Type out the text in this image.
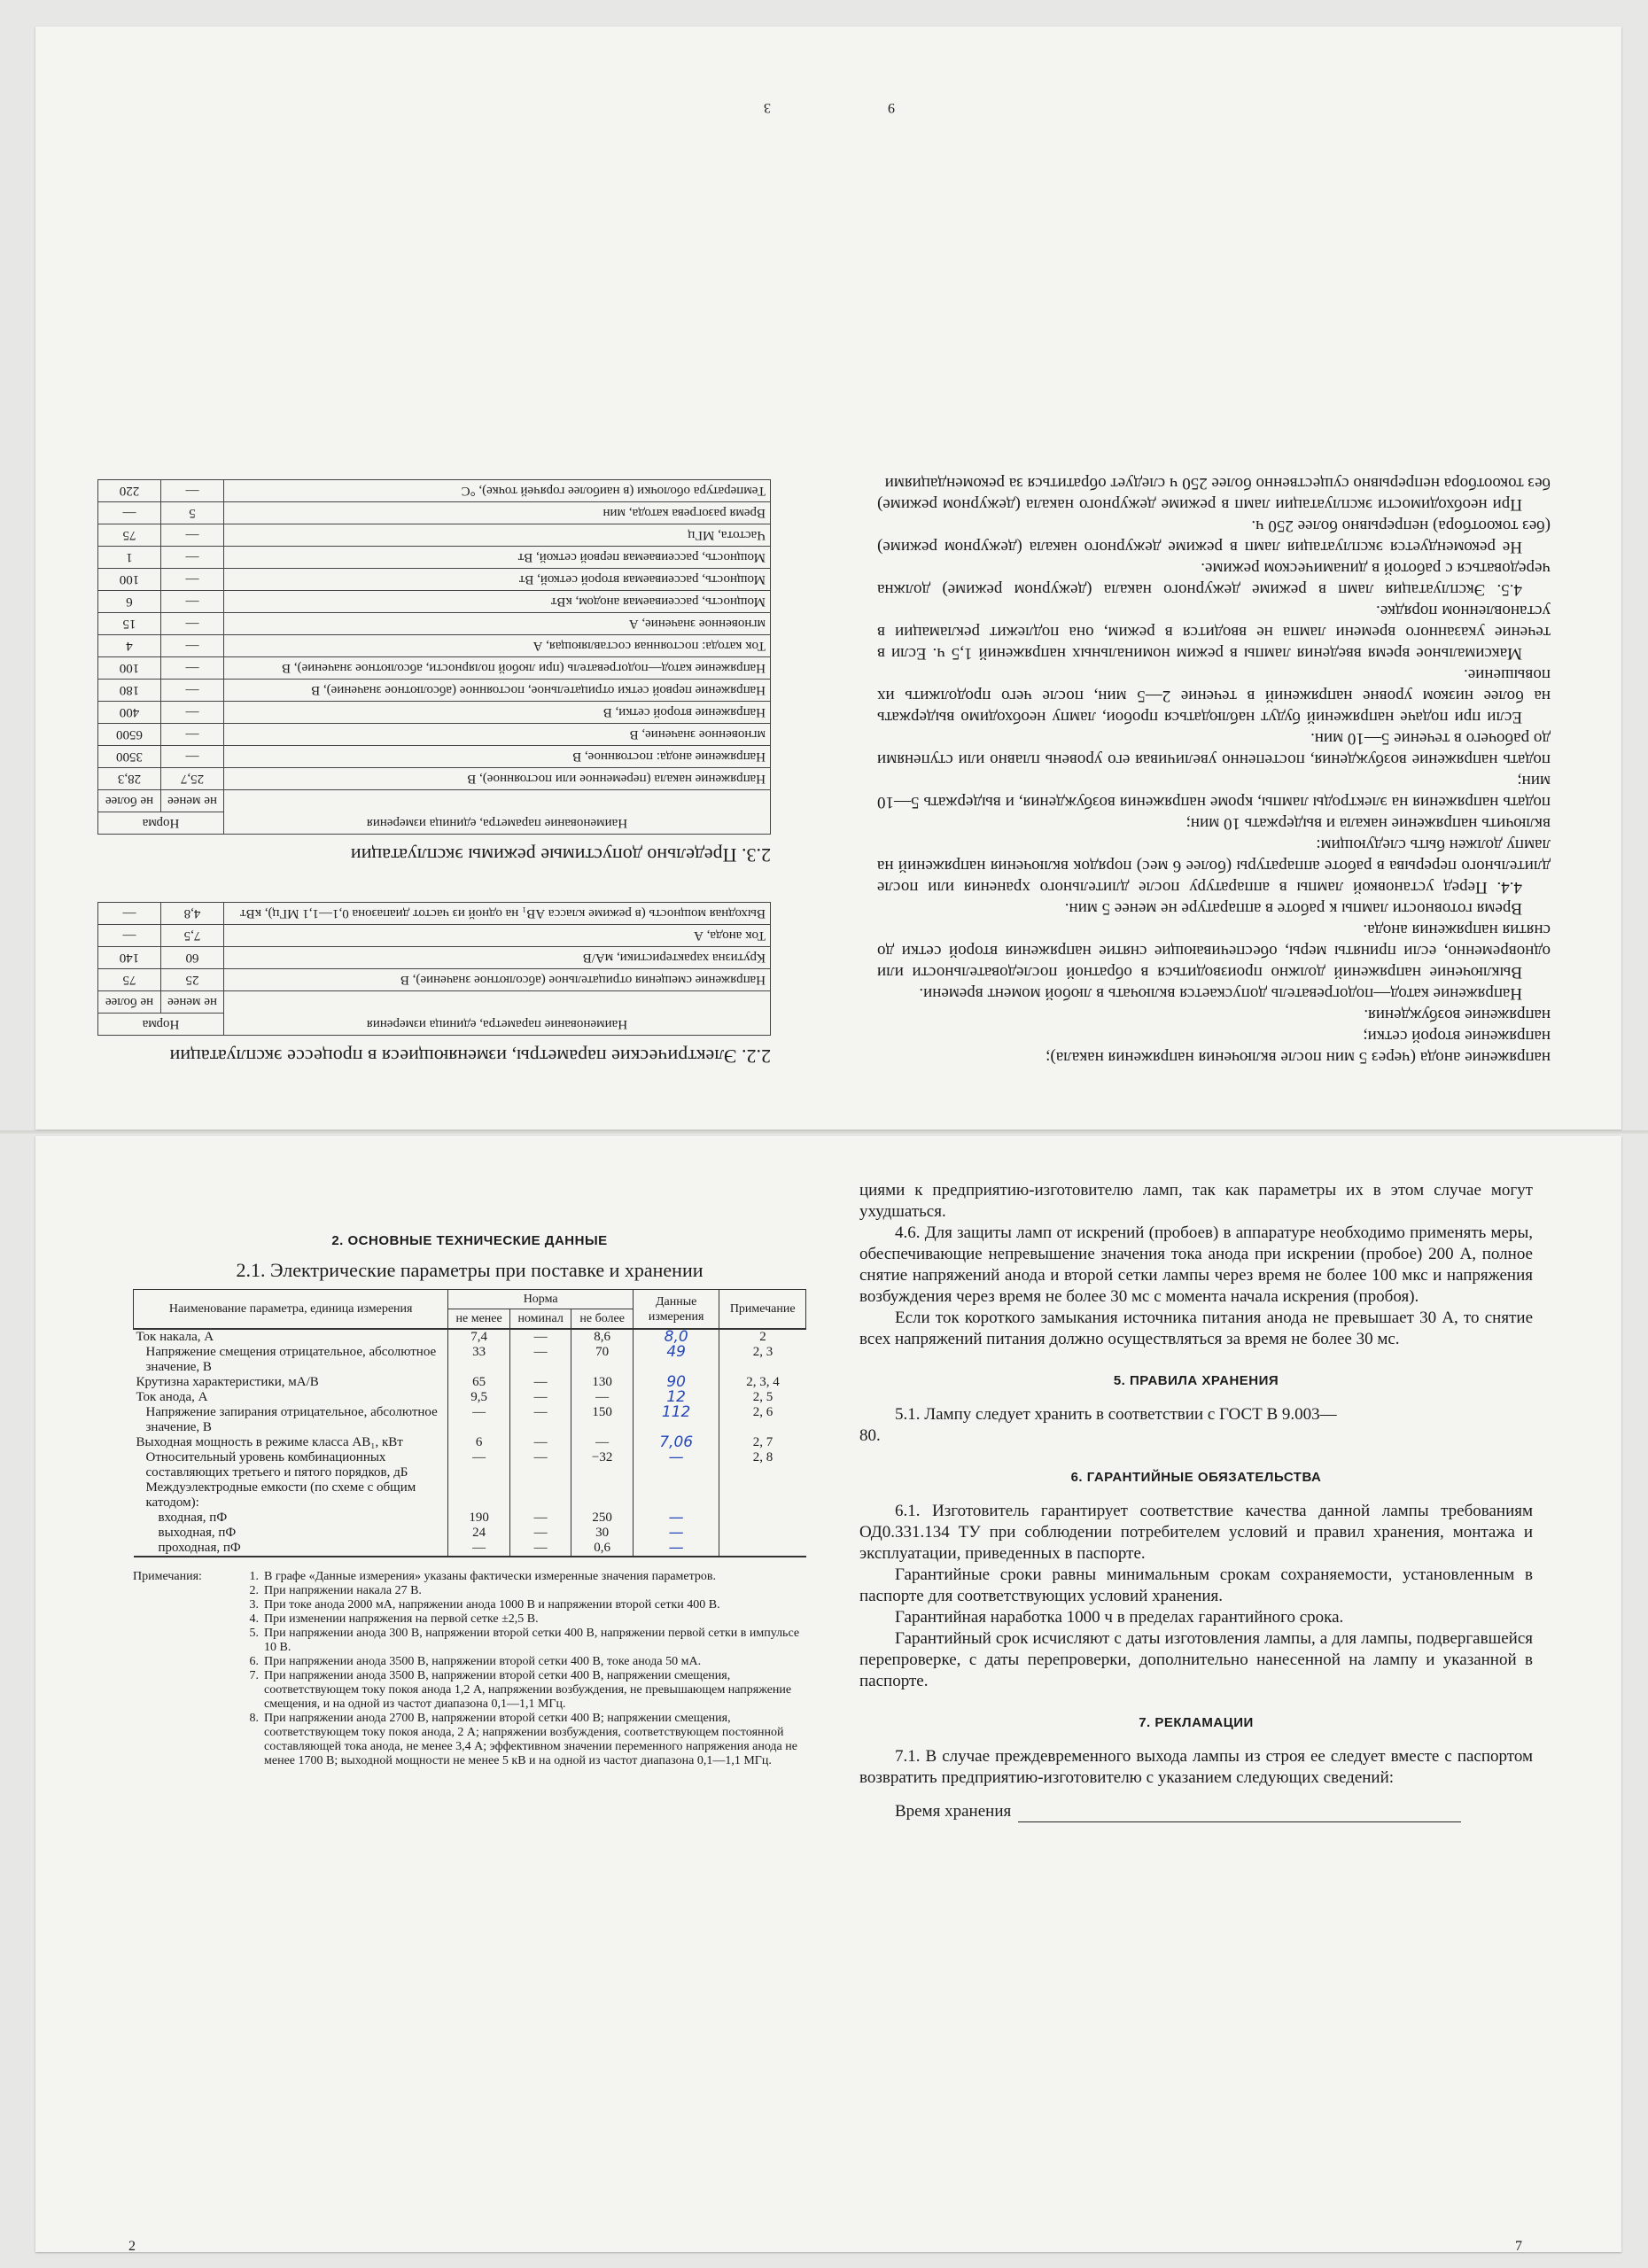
напряжение анода (через 5 мин после включения напряжения накала);

напряжение второй сетки;

напряжение возбуждения.

Напряжение катод—подогреватель допускается включать в любой момент времени.

Выключение напряжений должно производиться в обратной последовательности или одновременно, если приняты меры, обеспечивающие снятие напряжения второй сетки до снятия напряжения анода.

Время готовности лампы к работе в аппаратуре не менее 5 мин.

4.4. Перед установкой лампы в аппаратуру после длительного хранения или после длительного перерыва в работе аппаратуры (более 6 мес) порядок включения напряжений на лампу должен быть следующим:

включить напряжение накала и выдержать 10 мин;

подать напряжения на электроды лампы, кроме напряжения возбуждения, и выдержать 5—10 мин;

подать напряжение возбуждения, постепенно увеличивая его уровень плавно или ступенями до рабочего в течение 5—10 мин.

Если при подаче напряжений будут наблюдаться пробои, лампу необходимо выдержать на более низком уровне напряжений в течение 2—5 мин, после чего продолжить их повышение.

Максимальное время введения лампы в режим номинальных напряжений 1,5 ч. Если в течение указанного времени лампа не вводится в режим, она подлежит рекламации в установленном порядке.

4.5. Эксплуатация ламп в режиме дежурного накала (дежурном режиме) должна чередоваться с работой в динамическом режиме.

Не рекомендуется эксплуатация ламп в режиме дежурного накала (дежурном режиме) (без токоотбора) непрерывно более 250 ч.

При необходимости эксплуатации ламп в режиме дежурного накала (дежурном режиме) без токоотбора непрерывно существенно более 250 ч следует обратиться за рекомендациями

9

2.2. Электрические параметры, изменяющиеся в процессе эксплуатации

Наименование параметра, единица измерения	Норма	
	не менее	не более
Напряжение смещения отрицательное (абсолютное значение), В	25	75
Крутизна характеристики, мА/В	60	140
Ток анода, А	7,5	—
Выходная мощность (в режиме класса АВ₁ на одной из частот диапазона 0,1—1,1 МГц), кВт	4,8	—

2.3. Предельно допустимые режимы эксплуатации

Наименование параметра, единица измерения	Норма	
	не менее	не более
Напряжение накала (переменное или постоянное), В	25,7	28,3
Напряжение анода: постоянное, В	—	3500
мгновенное значение, В	—	6500
Напряжение второй сетки, В	—	400
Напряжение первой сетки отрицательное, постоянное (абсолютное значение), В	—	180
Напряжение катод—подогреватель (при любой полярности, абсолютное значение), В	—	100
Ток катода: постоянная составляющая, А	—	4
мгновенное значение, А	—	15
Мощность, рассеиваемая анодом, кВт	—	6
Мощность, рассеиваемая второй сеткой, Вт	—	100
Мощность, рассеиваемая первой сеткой, Вт	—	1
Частота, МГц	—	75
Время разогрева катода, мин	5	—
Температура оболочки (в наиболее горячей точке), °С	—	220
3

2. ОСНОВНЫЕ ТЕХНИЧЕСКИЕ ДАННЫЕ

2.1. Электрические параметры при поставке и хранении

Наименование параметра, единица измерения	Норма			Данные измерения	Примечание
	не менее	номинал	не более		
Ток накала, А	7,4	—	8,6	8,0	2
Напряжение смещения отрицательное, абсолютное значение, В	33	—	70	49	2, 3
Крутизна характеристики, мА/В	65	—	130	90	2, 3, 4
Ток анода, А	9,5	—	—	12	2, 5
Напряжение запирания отрицательное, абсолютное значение, В	—	—	150	112	2, 6
Выходная мощность в режиме класса АВ₁, кВт	6	—	—	7,06	2, 7
Относительный уровень комбинационных составляющих третьего и пятого порядков, дБ	—	—	−32	—	2, 8
Междуэлектродные емкости (по схеме с общим катодом):					
входная, пФ	190	—	250	—	
выходная, пФ	24	—	30	—	
проходная, пФ	—	—	0,6	—	
Примечания:	1. В графе «Данные измерения» указаны фактически измеренные значения параметров.
2. При напряжении накала 27 В.
3. При токе анода 2000 мА, напряжении анода 1000 В и напряжении второй сетки 400 В.
4. При изменении напряжения на первой сетке ±2,5 В.
5. При напряжении анода 300 В, напряжении второй сетки 400 В, напряжении первой сетки в импульсе 10 В.
6. При напряжении анода 3500 В, напряжении второй сетки 400 В, токе анода 50 мА.
7. При напряжении анода 3500 В, напряжении второй сетки 400 В, напряжении смещения, соответствующем току покоя анода 1,2 А, напряжении возбуждения, не превышающем напряжение смещения, и на одной из частот диапазона 0,1—1,1 МГц.
8. При напряжении анода 2700 В, напряжении второй сетки 400 В; напряжении смещения, соответствующем току покоя анода, 2 А; напряжении возбуждения, соответствующем постоянной составляющей тока анода, не менее 3,4 А; эффективном значении переменного напряжения анода не менее 1700 В; выходной мощности не менее 5 кВ и на одной из частот диапазона 0,1—1,1 МГц.
2

циями к предприятию-изготовителю ламп, так как параметры их в этом случае могут ухудшаться.

4.6. Для защиты ламп от искрений (пробоев) в аппаратуре необходимо применять меры, обеспечивающие непревышение значения тока анода при искрении (пробое) 200 А, полное снятие напряжений анода и второй сетки лампы через время не более 100 мкс и напряжения возбуждения через время не более 30 мс с момента начала искрения (пробоя).

Если ток короткого замыкания источника питания анода не превышает 30 А, то снятие всех напряжений питания должно осуществляться за время не более 30 мс.

5. ПРАВИЛА ХРАНЕНИЯ

5.1. Лампу следует хранить в соответствии с ГОСТ В 9.003—80.

6. ГАРАНТИЙНЫЕ ОБЯЗАТЕЛЬСТВА

6.1. Изготовитель гарантирует соответствие качества данной лампы требованиям ОД0.331.134 ТУ при соблюдении потребителем условий и правил хранения, монтажа и эксплуатации, приведенных в паспорте.

Гарантийные сроки равны минимальным срокам сохраняемости, установленным в паспорте для соответствующих условий хранения.

Гарантийная наработка 1000 ч в пределах гарантийного срока.

Гарантийный срок исчисляют с даты изготовления лампы, а для лампы, подвергавшейся перепроверке, с даты перепроверки, дополнительно нанесенной на лампу и указанной в паспорте.

7. РЕКЛАМАЦИИ

7.1. В случае преждевременного выхода лампы из строя ее следует вместе с паспортом возвратить предприятию-изготовителю с указанием следующих сведений:

Время хранения

7
